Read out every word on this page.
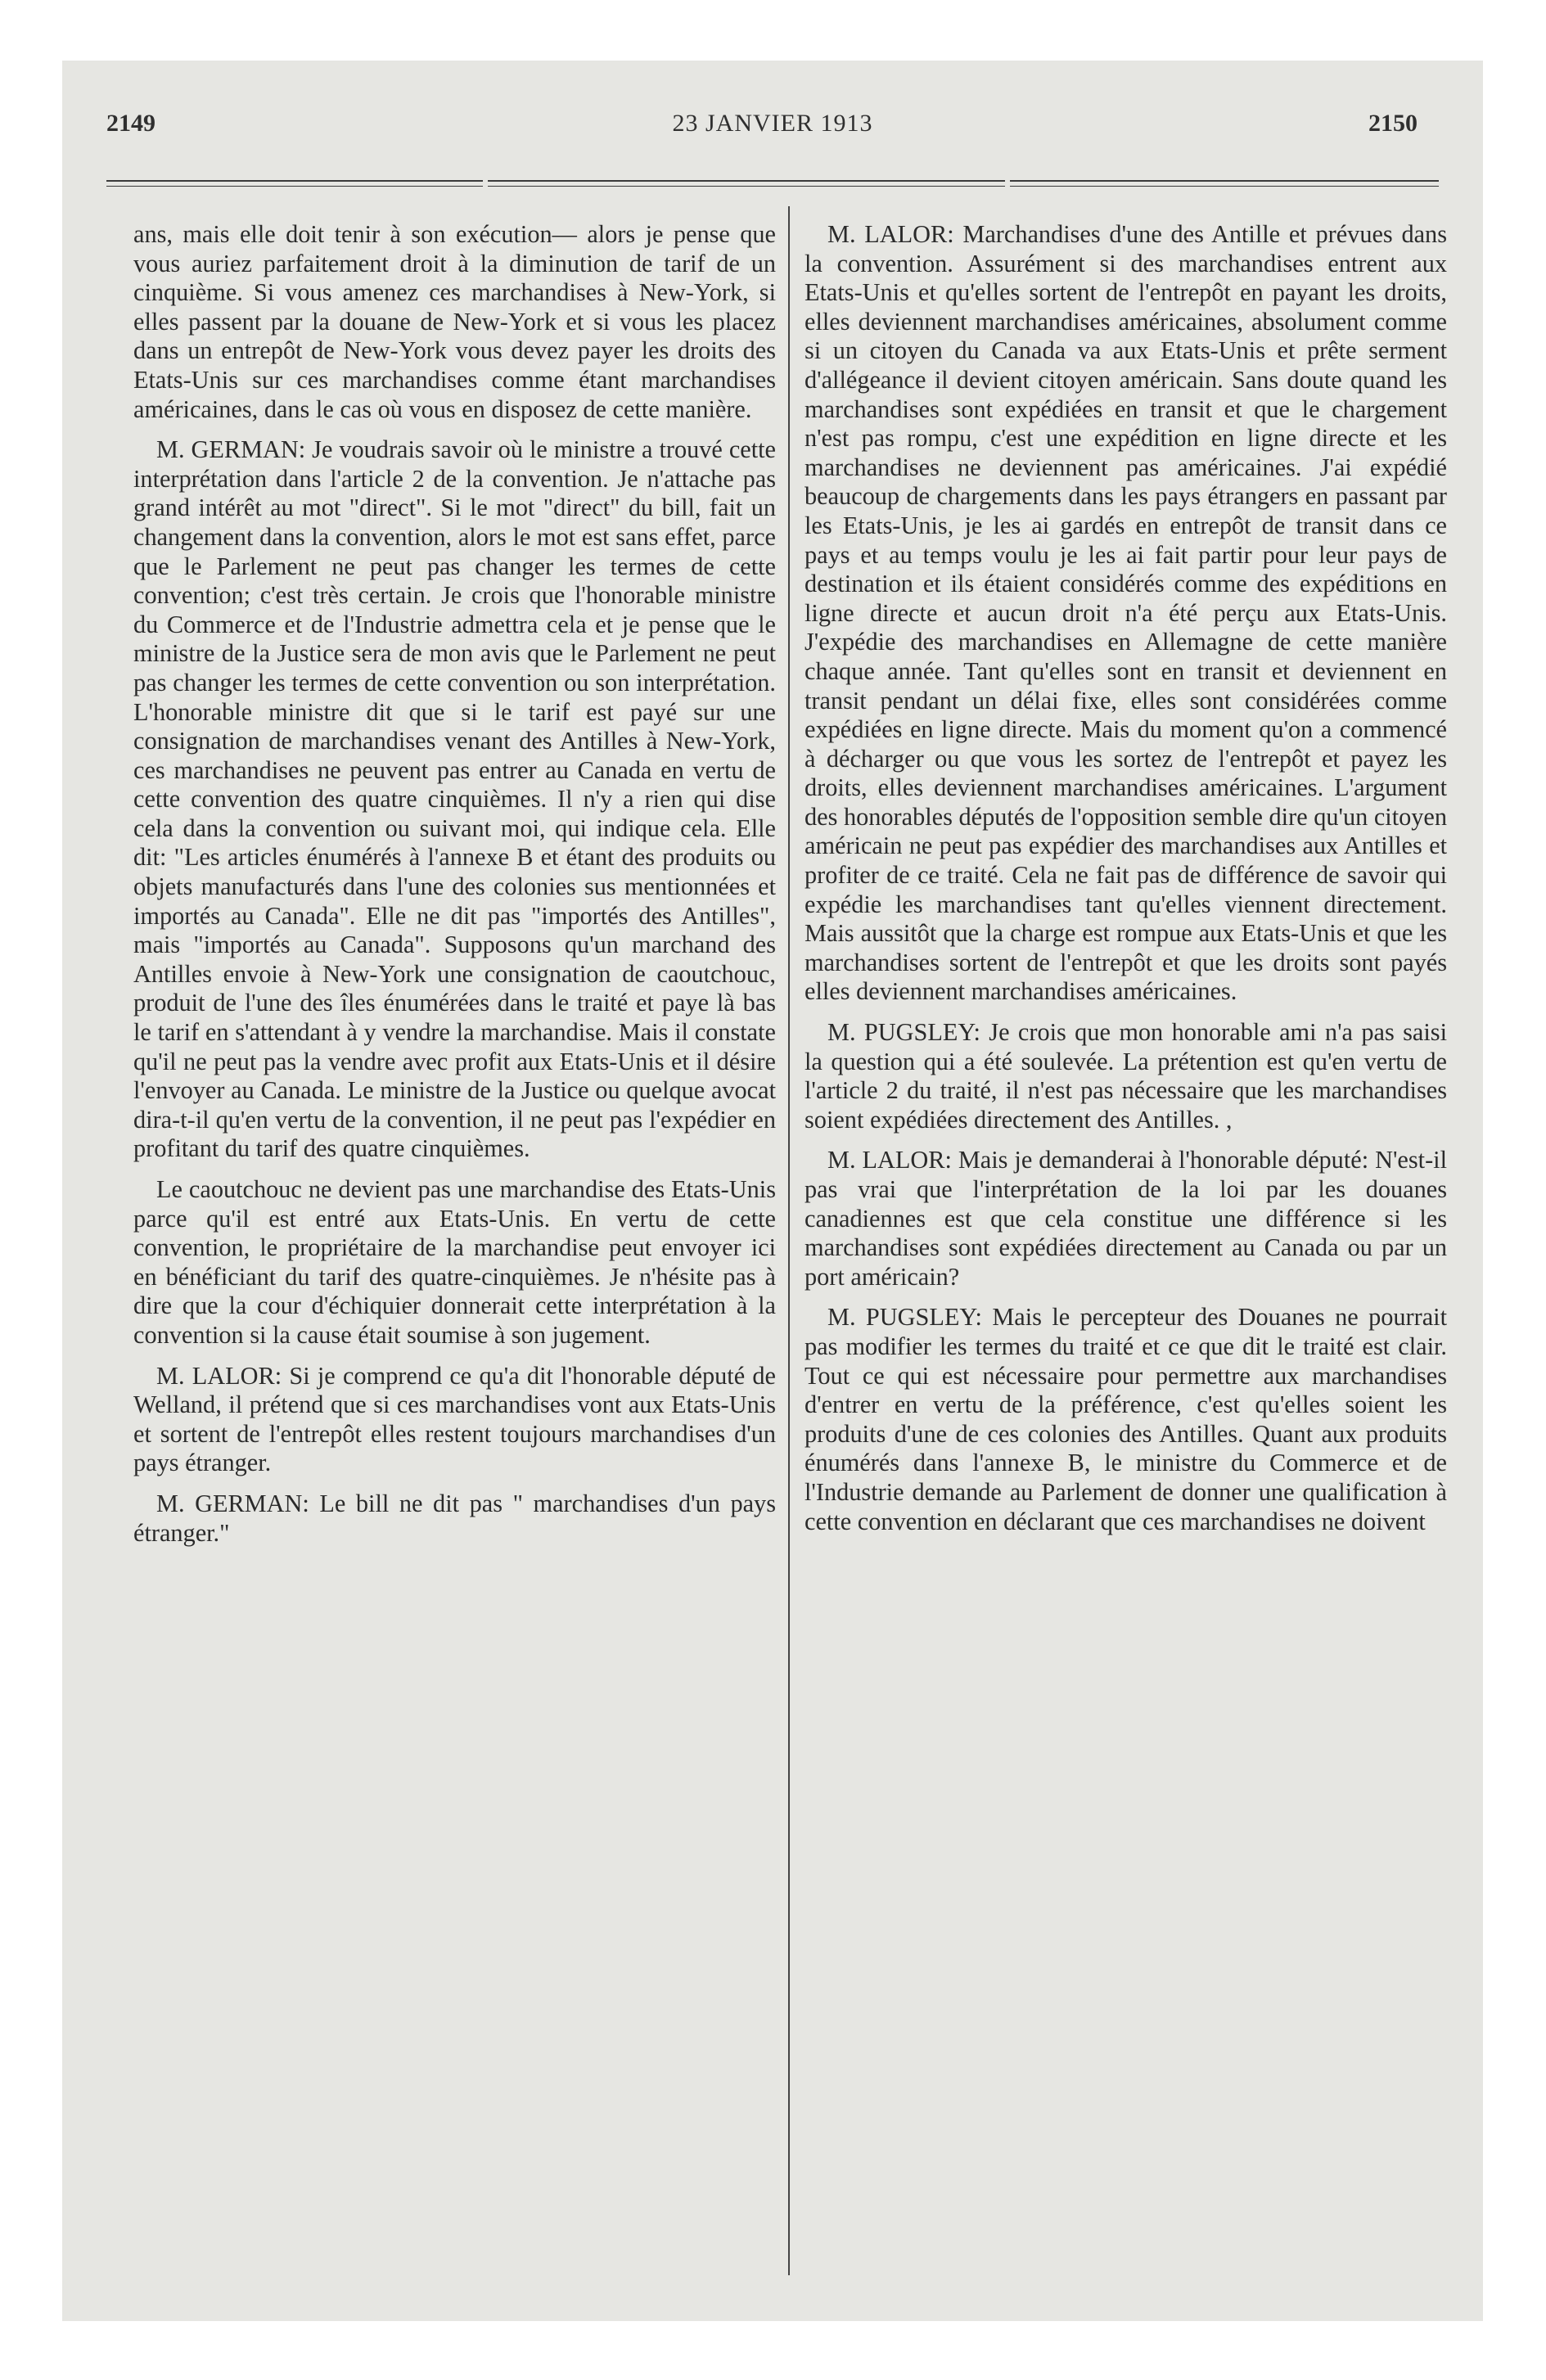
2149	23 JANVIER 1913	2150

ans, mais elle doit tenir à son exécution— alors je pense que vous auriez parfaitement droit à la diminution de tarif de un cinquième. Si vous amenez ces marchandises à New-York, si elles passent par la douane de New-York et si vous les placez dans un entrepôt de New-York vous devez payer les droits des Etats-Unis sur ces marchandises comme étant marchandises américaines, dans le cas où vous en disposez de cette manière.

M. GERMAN: Je voudrais savoir où le ministre a trouvé cette interprétation dans l'article 2 de la convention. Je n'attache pas grand intérêt au mot "direct". Si le mot "direct" du bill, fait un changement dans la convention, alors le mot est sans effet, parce que le Parlement ne peut pas changer les termes de cette convention; c'est très certain. Je crois que l'honorable ministre du Commerce et de l'Industrie admettra cela et je pense que le ministre de la Justice sera de mon avis que le Parlement ne peut pas changer les termes de cette convention ou son interprétation. L'honorable ministre dit que si le tarif est payé sur une consignation de marchandises venant des Antilles à New-York, ces marchandises ne peuvent pas entrer au Canada en vertu de cette convention des quatre cinquièmes. Il n'y a rien qui dise cela dans la convention ou suivant moi, qui indique cela. Elle dit: "Les articles énumérés à l'annexe B et étant des produits ou objets manufacturés dans l'une des colonies sus mentionnées et importés au Canada". Elle ne dit pas "importés des Antilles", mais "importés au Canada". Supposons qu'un marchand des Antilles envoie à New-York une consignation de caoutchouc, produit de l'une des îles énumérées dans le traité et paye là bas le tarif en s'attendant à y vendre la marchandise. Mais il constate qu'il ne peut pas la vendre avec profit aux Etats-Unis et il désire l'envoyer au Canada. Le ministre de la Justice ou quelque avocat dira-t-il qu'en vertu de la convention, il ne peut pas l'expédier en profitant du tarif des quatre cinquièmes.

Le caoutchouc ne devient pas une marchandise des Etats-Unis parce qu'il est entré aux Etats-Unis. En vertu de cette convention, le propriétaire de la marchandise peut envoyer ici en bénéficiant du tarif des quatre-cinquièmes. Je n'hésite pas à dire que la cour d'échiquier donnerait cette interprétation à la convention si la cause était soumise à son jugement.

M. LALOR: Si je comprend ce qu'a dit l'honorable député de Welland, il prétend que si ces marchandises vont aux Etats-Unis et sortent de l'entrepôt elles restent toujours marchandises d'un pays étranger.

M. GERMAN: Le bill ne dit pas " marchandises d'un pays étranger."

M. LALOR: Marchandises d'une des Antille et prévues dans la convention. Assurément si des marchandises entrent aux Etats-Unis et qu'elles sortent de l'entrepôt en payant les droits, elles deviennent marchandises américaines, absolument comme si un citoyen du Canada va aux Etats-Unis et prête serment d'allégeance il devient citoyen américain. Sans doute quand les marchandises sont expédiées en transit et que le chargement n'est pas rompu, c'est une expédition en ligne directe et les marchandises ne deviennent pas américaines. J'ai expédié beaucoup de chargements dans les pays étrangers en passant par les Etats-Unis, je les ai gardés en entrepôt de transit dans ce pays et au temps voulu je les ai fait partir pour leur pays de destination et ils étaient considérés comme des expéditions en ligne directe et aucun droit n'a été perçu aux Etats-Unis. J'expédie des marchandises en Allemagne de cette manière chaque année. Tant qu'elles sont en transit et deviennent en transit pendant un délai fixe, elles sont considérées comme expédiées en ligne directe. Mais du moment qu'on a commencé à décharger ou que vous les sortez de l'entrepôt et payez les droits, elles deviennent marchandises américaines. L'argument des honorables députés de l'opposition semble dire qu'un citoyen américain ne peut pas expédier des marchandises aux Antilles et profiter de ce traité. Cela ne fait pas de différence de savoir qui expédie les marchandises tant qu'elles viennent directement. Mais aussitôt que la charge est rompue aux Etats-Unis et que les marchandises sortent de l'entrepôt et que les droits sont payés elles deviennent marchandises américaines.

M. PUGSLEY: Je crois que mon honorable ami n'a pas saisi la question qui a été soulevée. La prétention est qu'en vertu de l'article 2 du traité, il n'est pas nécessaire que les marchandises soient expédiées directement des Antilles. ,

M. LALOR: Mais je demanderai à l'honorable député: N'est-il pas vrai que l'interprétation de la loi par les douanes canadiennes est que cela constitue une différence si les marchandises sont expédiées directement au Canada ou par un port américain?

M. PUGSLEY: Mais le percepteur des Douanes ne pourrait pas modifier les termes du traité et ce que dit le traité est clair. Tout ce qui est nécessaire pour permettre aux marchandises d'entrer en vertu de la préférence, c'est qu'elles soient les produits d'une de ces colonies des Antilles. Quant aux produits énumérés dans l'annexe B, le ministre du Commerce et de l'Industrie demande au Parlement de donner une qualification à cette convention en déclarant que ces marchandises ne doivent
